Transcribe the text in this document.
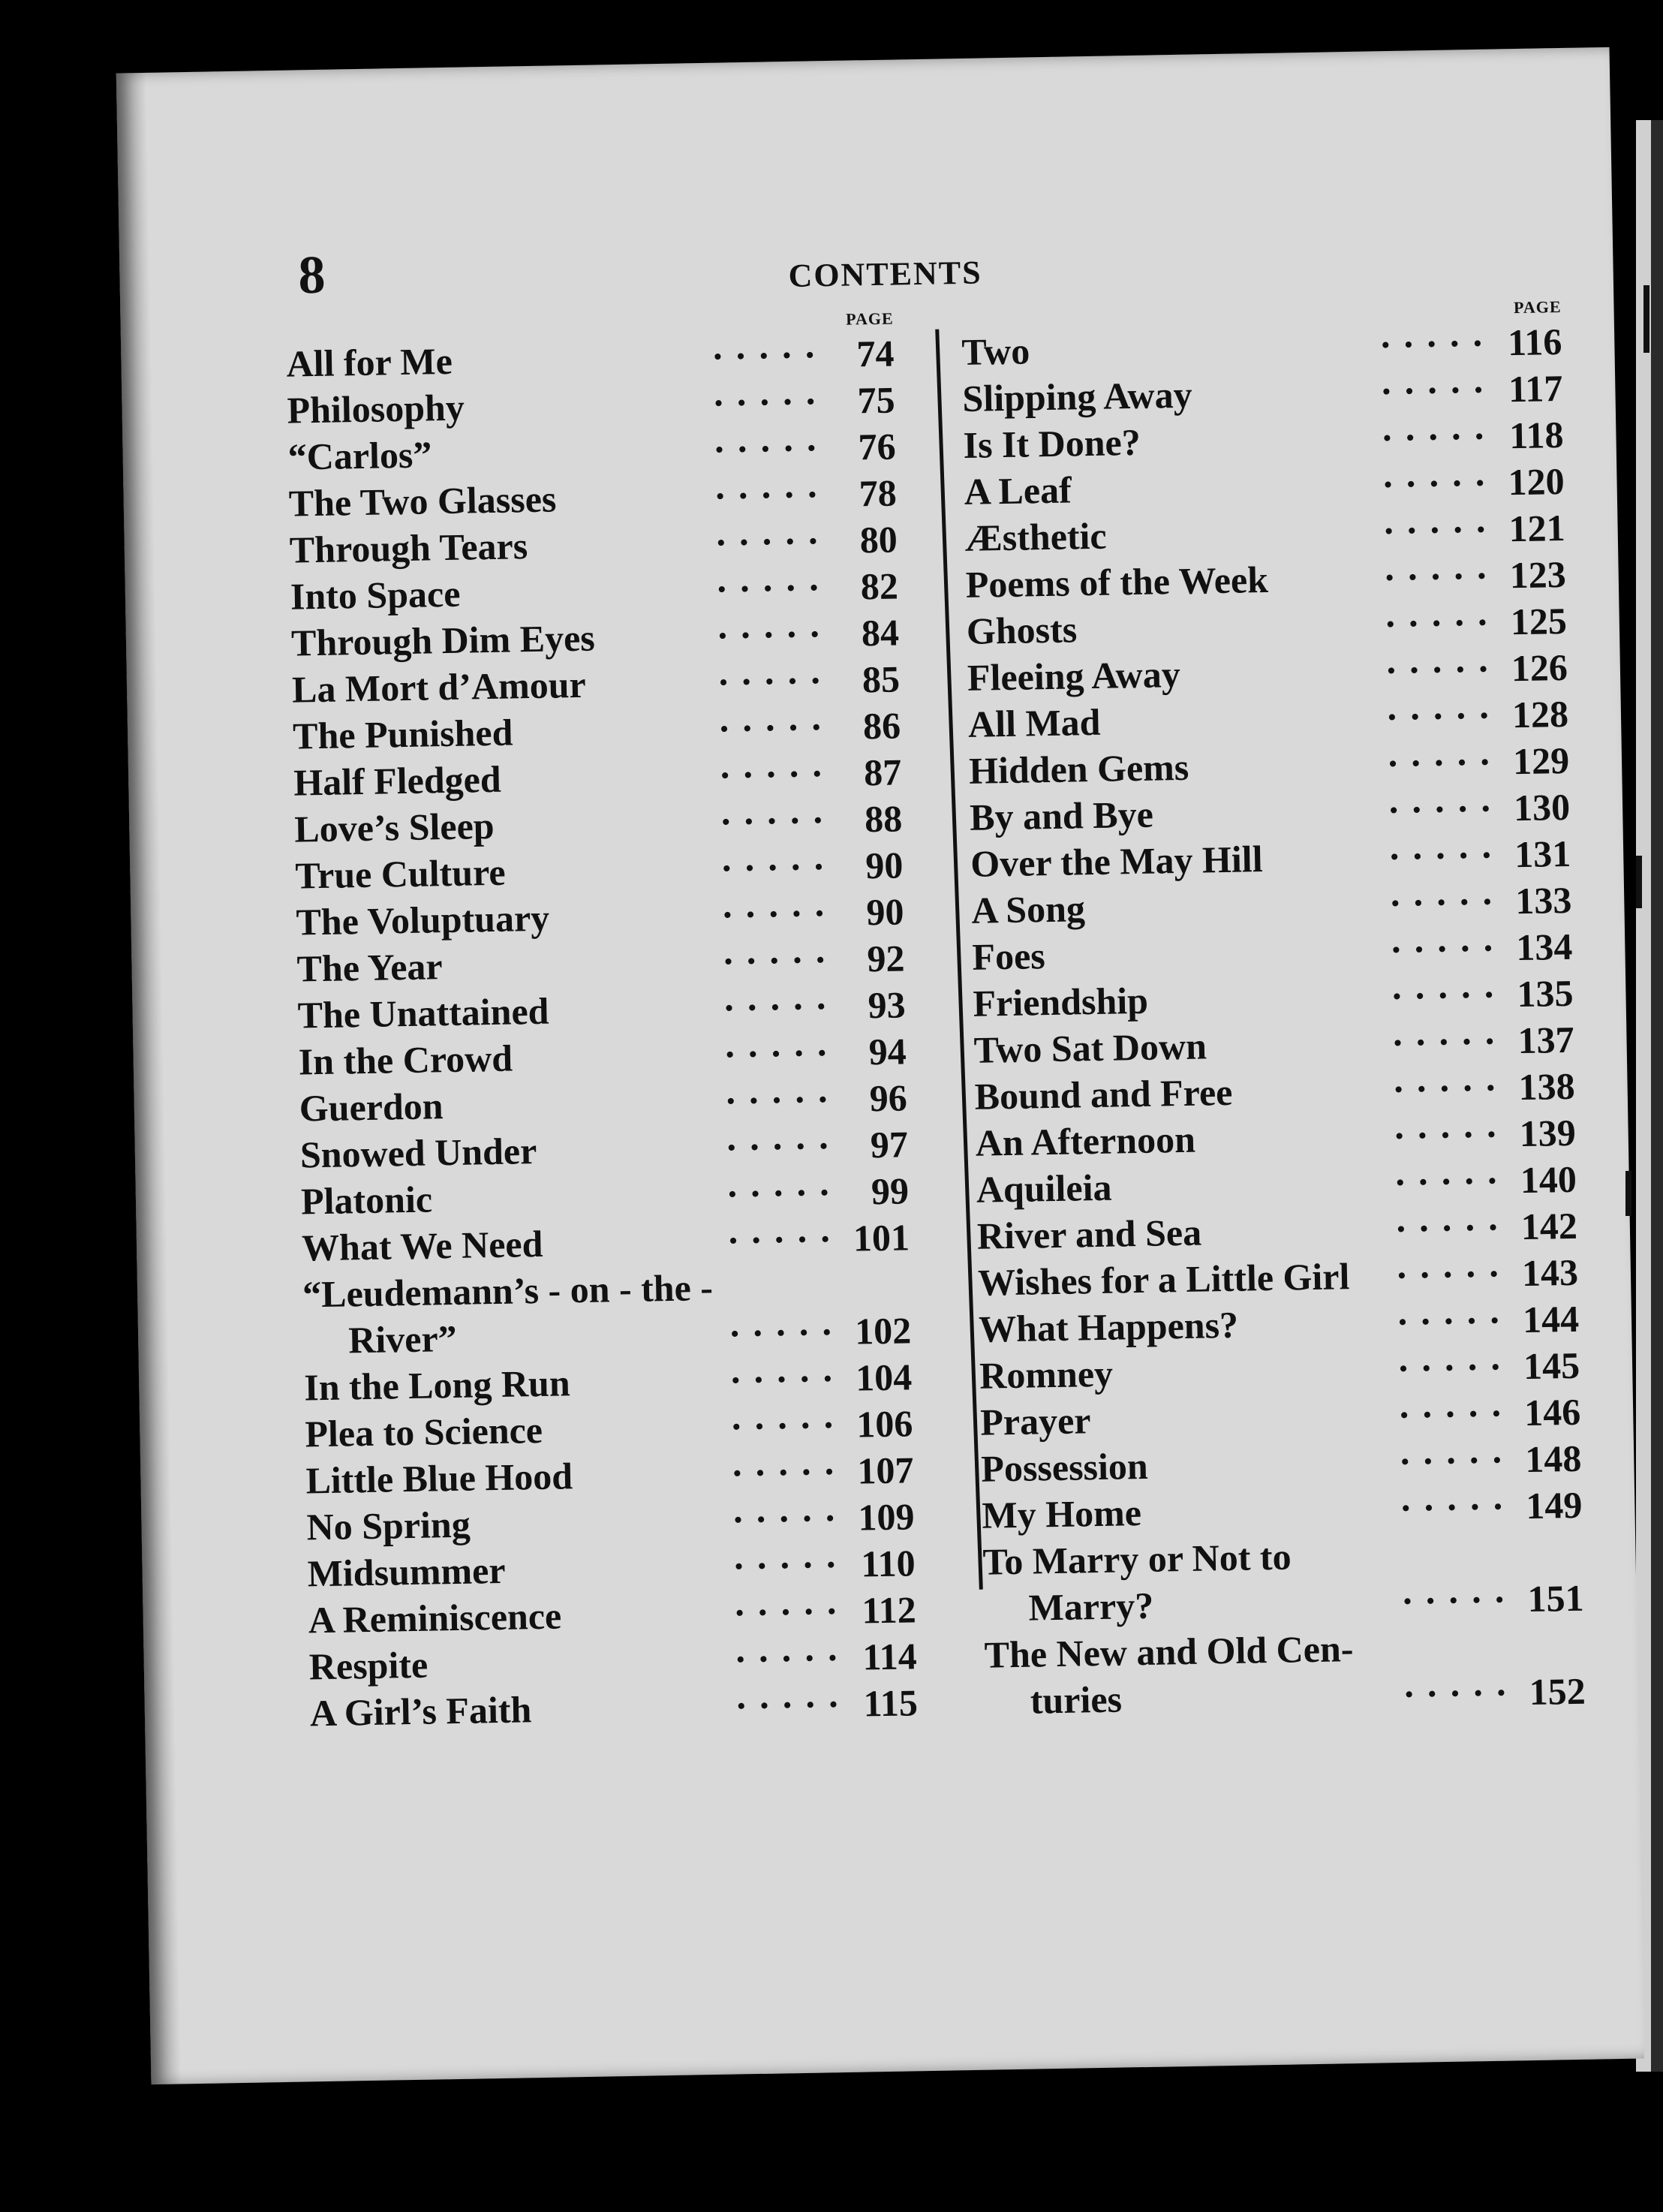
8	CONTENTS
PAGE
All for Me	····· 74
Philosophy	····· 75
“Carlos”	····· 76
The Two Glasses	····· 78
Through Tears	····· 80
Into Space	····· 82
Through Dim Eyes	····· 84
La Mort d’Amour	····· 85
The Punished	····· 86
Half Fledged	····· 87
Love’s Sleep	····· 88
True Culture	····· 90
The Voluptuary	····· 90
The Year	····· 92
The Unattained	····· 93
In the Crowd	····· 94
Guerdon	····· 96
Snowed Under	····· 97
Platonic	····· 99
What We Need	····· 101
“Leudemann’s - on - the -
River”	····· 102
In the Long Run	····· 104
Plea to Science	····· 106
Little Blue Hood	····· 107
No Spring	····· 109
Midsummer	····· 110
A Reminiscence	····· 112
Respite	····· 114
A Girl’s Faith	····· 115
PAGE
Two	····· 116
Slipping Away	····· 117
Is It Done?	····· 118
A Leaf	····· 120
Æsthetic	····· 121
Poems of the Week	····· 123
Ghosts	····· 125
Fleeing Away	····· 126
All Mad	····· 128
Hidden Gems	····· 129
By and Bye	····· 130
Over the May Hill	····· 131
A Song	····· 133
Foes	····· 134
Friendship	····· 135
Two Sat Down	····· 137
Bound and Free	····· 138
An Afternoon	····· 139
Aquileia	····· 140
River and Sea	····· 142
Wishes for a Little Girl	····· 143
What Happens?	····· 144
Romney	····· 145
Prayer	····· 146
Possession	····· 148
My Home	····· 149
To Marry or Not to
Marry?	····· 151
The New and Old Cen-
turies	····· 152
